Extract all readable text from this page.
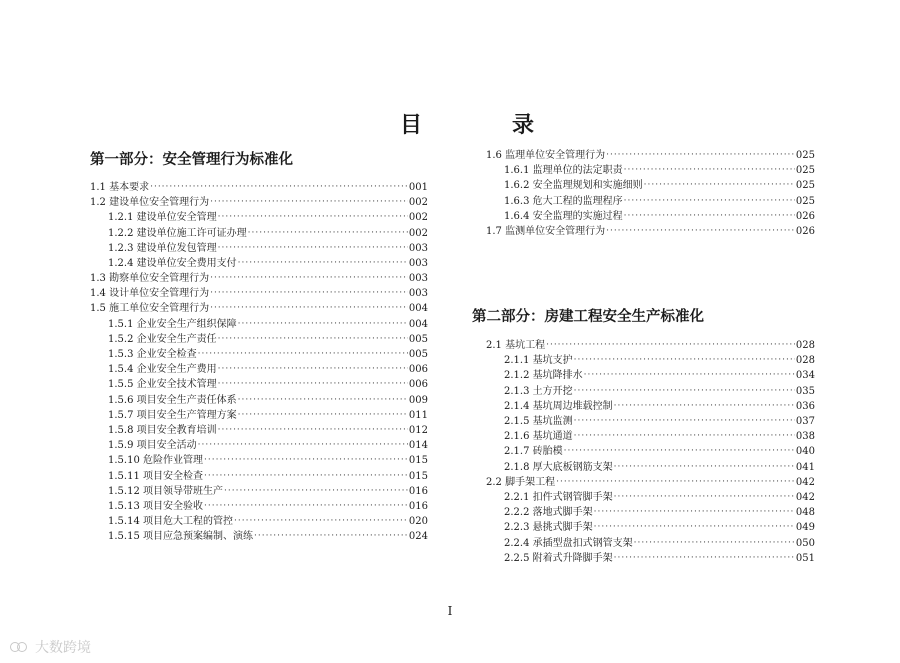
目　录
第一部分：安全管理行为标准化
1.1 基本要求 ·····	001
1.2 建设单位安全管理行为 ·····	002
1.2.1 建设单位安全管理 ·····	002
1.2.2 建设单位施工许可证办理 ·····	002
1.2.3 建设单位发包管理 ·····	003
1.2.4 建设单位安全费用支付 ·····	003
1.3 勘察单位安全管理行为 ·····	003
1.4 设计单位安全管理行为 ·····	003
1.5 施工单位安全管理行为 ·····	004
1.5.1 企业安全生产组织保障 ·····	004
1.5.2 企业安全生产责任 ·····	005
1.5.3 企业安全检查 ·····	005
1.5.4 企业安全生产费用 ·····	006
1.5.5 企业安全技术管理 ·····	006
1.5.6 项目安全生产责任体系 ·····	009
1.5.7 项目安全生产管理方案 ·····	011
1.5.8 项目安全教育培训 ·····	012
1.5.9 项目安全活动 ·····	014
1.5.10 危险作业管理 ·····	015
1.5.11 项目安全检查 ·····	015
1.5.12 项目领导带班生产 ·····	016
1.5.13 项目安全验收 ·····	016
1.5.14 项目危大工程的管控 ·····	020
1.5.15 项目应急预案编制、演练 ·····	024
1.6 监理单位安全管理行为 ·····	025
1.6.1 监理单位的法定职责 ·····	025
1.6.2 安全监理规划和实施细则 ·····	025
1.6.3 危大工程的监理程序 ·····	025
1.6.4 安全监理的实施过程 ·····	026
1.7 监测单位安全管理行为 ·····	026
第二部分：房建工程安全生产标准化
2.1 基坑工程 ·····	028
2.1.1 基坑支护 ·····	028
2.1.2 基坑降排水 ·····	034
2.1.3 土方开挖 ·····	035
2.1.4 基坑周边堆载控制 ·····	036
2.1.5 基坑监测 ·····	037
2.1.6 基坑通道 ·····	038
2.1.7 砖胎模 ·····	040
2.1.8 厚大底板钢筋支架 ·····	041
2.2 脚手架工程 ·····	042
2.2.1 扣件式钢管脚手架 ·····	042
2.2.2 落地式脚手架 ·····	048
2.2.3 悬挑式脚手架 ·····	049
2.2.4 承插型盘扣式钢管支架 ·····	050
2.2.5 附着式升降脚手架 ·····	051
I
大数跨境
